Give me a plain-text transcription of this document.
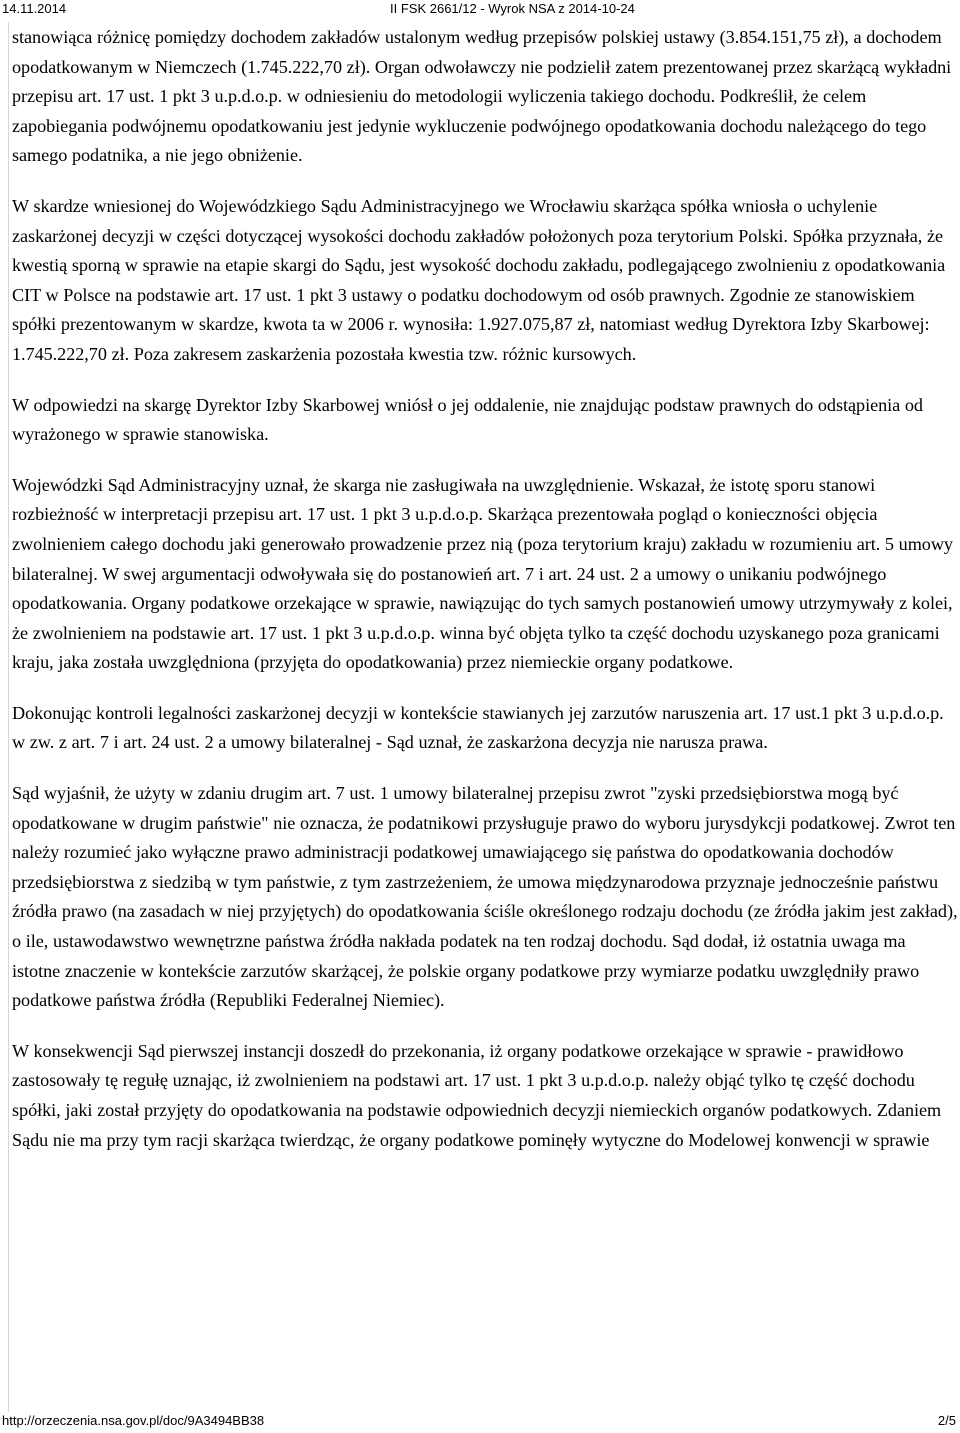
14.11.2014	II FSK 2661/12 - Wyrok NSA z 2014-10-24

stanowiąca różnicę pomiędzy dochodem zakładów ustalonym według przepisów polskiej ustawy (3.854.151,75 zł), a dochodem opodatkowanym w Niemczech (1.745.222,70 zł). Organ odwoławczy nie podzielił zatem prezentowanej przez skarżącą wykładni przepisu art. 17 ust. 1 pkt 3 u.p.d.o.p. w odniesieniu do metodologii wyliczenia takiego dochodu. Podkreślił, że celem zapobiegania podwójnemu opodatkowaniu jest jedynie wykluczenie podwójnego opodatkowania dochodu należącego do tego samego podatnika, a nie jego obniżenie.

W skardze wniesionej do Wojewódzkiego Sądu Administracyjnego we Wrocławiu skarżąca spółka wniosła o uchylenie zaskarżonej decyzji w części dotyczącej wysokości dochodu zakładów położonych poza terytorium Polski. Spółka przyznała, że kwestią sporną w sprawie na etapie skargi do Sądu, jest wysokość dochodu zakładu, podlegającego zwolnieniu z opodatkowania CIT w Polsce na podstawie art. 17 ust. 1 pkt 3 ustawy o podatku dochodowym od osób prawnych. Zgodnie ze stanowiskiem spółki prezentowanym w skardze, kwota ta w 2006 r. wynosiła: 1.927.075,87 zł, natomiast według Dyrektora Izby Skarbowej: 1.745.222,70 zł. Poza zakresem zaskarżenia pozostała kwestia tzw. różnic kursowych.

W odpowiedzi na skargę Dyrektor Izby Skarbowej wniósł o jej oddalenie, nie znajdując podstaw prawnych do odstąpienia od wyrażonego w sprawie stanowiska.

Wojewódzki Sąd Administracyjny uznał, że skarga nie zasługiwała na uwzględnienie. Wskazał, że istotę sporu stanowi rozbieżność w interpretacji przepisu art. 17 ust. 1 pkt 3 u.p.d.o.p. Skarżąca prezentowała pogląd o konieczności objęcia zwolnieniem całego dochodu jaki generowało prowadzenie przez nią (poza terytorium kraju) zakładu w rozumieniu art. 5 umowy bilateralnej. W swej argumentacji odwoływała się do postanowień art. 7 i art. 24 ust. 2 a umowy o unikaniu podwójnego opodatkowania. Organy podatkowe orzekające w sprawie, nawiązując do tych samych postanowień umowy utrzymywały z kolei, że zwolnieniem na podstawie art. 17 ust. 1 pkt 3 u.p.d.o.p. winna być objęta tylko ta część dochodu uzyskanego poza granicami kraju, jaka została uwzględniona (przyjęta do opodatkowania) przez niemieckie organy podatkowe.

Dokonując kontroli legalności zaskarżonej decyzji w kontekście stawianych jej zarzutów naruszenia art. 17 ust.1 pkt 3 u.p.d.o.p. w zw. z art. 7 i art. 24 ust. 2 a umowy bilateralnej - Sąd uznał, że zaskarżona decyzja nie narusza prawa.

Sąd wyjaśnił, że użyty w zdaniu drugim art. 7 ust. 1 umowy bilateralnej przepisu zwrot "zyski przedsiębiorstwa mogą być opodatkowane w drugim państwie" nie oznacza, że podatnikowi przysługuje prawo do wyboru jurysdykcji podatkowej. Zwrot ten należy rozumieć jako wyłączne prawo administracji podatkowej umawiającego się państwa do opodatkowania dochodów przedsiębiorstwa z siedzibą w tym państwie, z tym zastrzeżeniem, że umowa międzynarodowa przyznaje jednocześnie państwu źródła prawo (na zasadach w niej przyjętych) do opodatkowania ściśle określonego rodzaju dochodu (ze źródła jakim jest zakład), o ile, ustawodawstwo wewnętrzne państwa źródła nakłada podatek na ten rodzaj dochodu. Sąd dodał, iż ostatnia uwaga ma istotne znaczenie w kontekście zarzutów skarżącej, że polskie organy podatkowe przy wymiarze podatku uwzględniły prawo podatkowe państwa źródła (Republiki Federalnej Niemiec).

W konsekwencji Sąd pierwszej instancji doszedł do przekonania, iż organy podatkowe orzekające w sprawie - prawidłowo zastosowały tę regułę uznając, iż zwolnieniem na podstawi art. 17 ust. 1 pkt 3 u.p.d.o.p. należy objąć tylko tę część dochodu spółki, jaki został przyjęty do opodatkowania na podstawie odpowiednich decyzji niemieckich organów podatkowych. Zdaniem Sądu nie ma przy tym racji skarżąca twierdząc, że organy podatkowe pominęły wytyczne do Modelowej konwencji w sprawie

http://orzeczenia.nsa.gov.pl/doc/9A3494BB38	2/5
